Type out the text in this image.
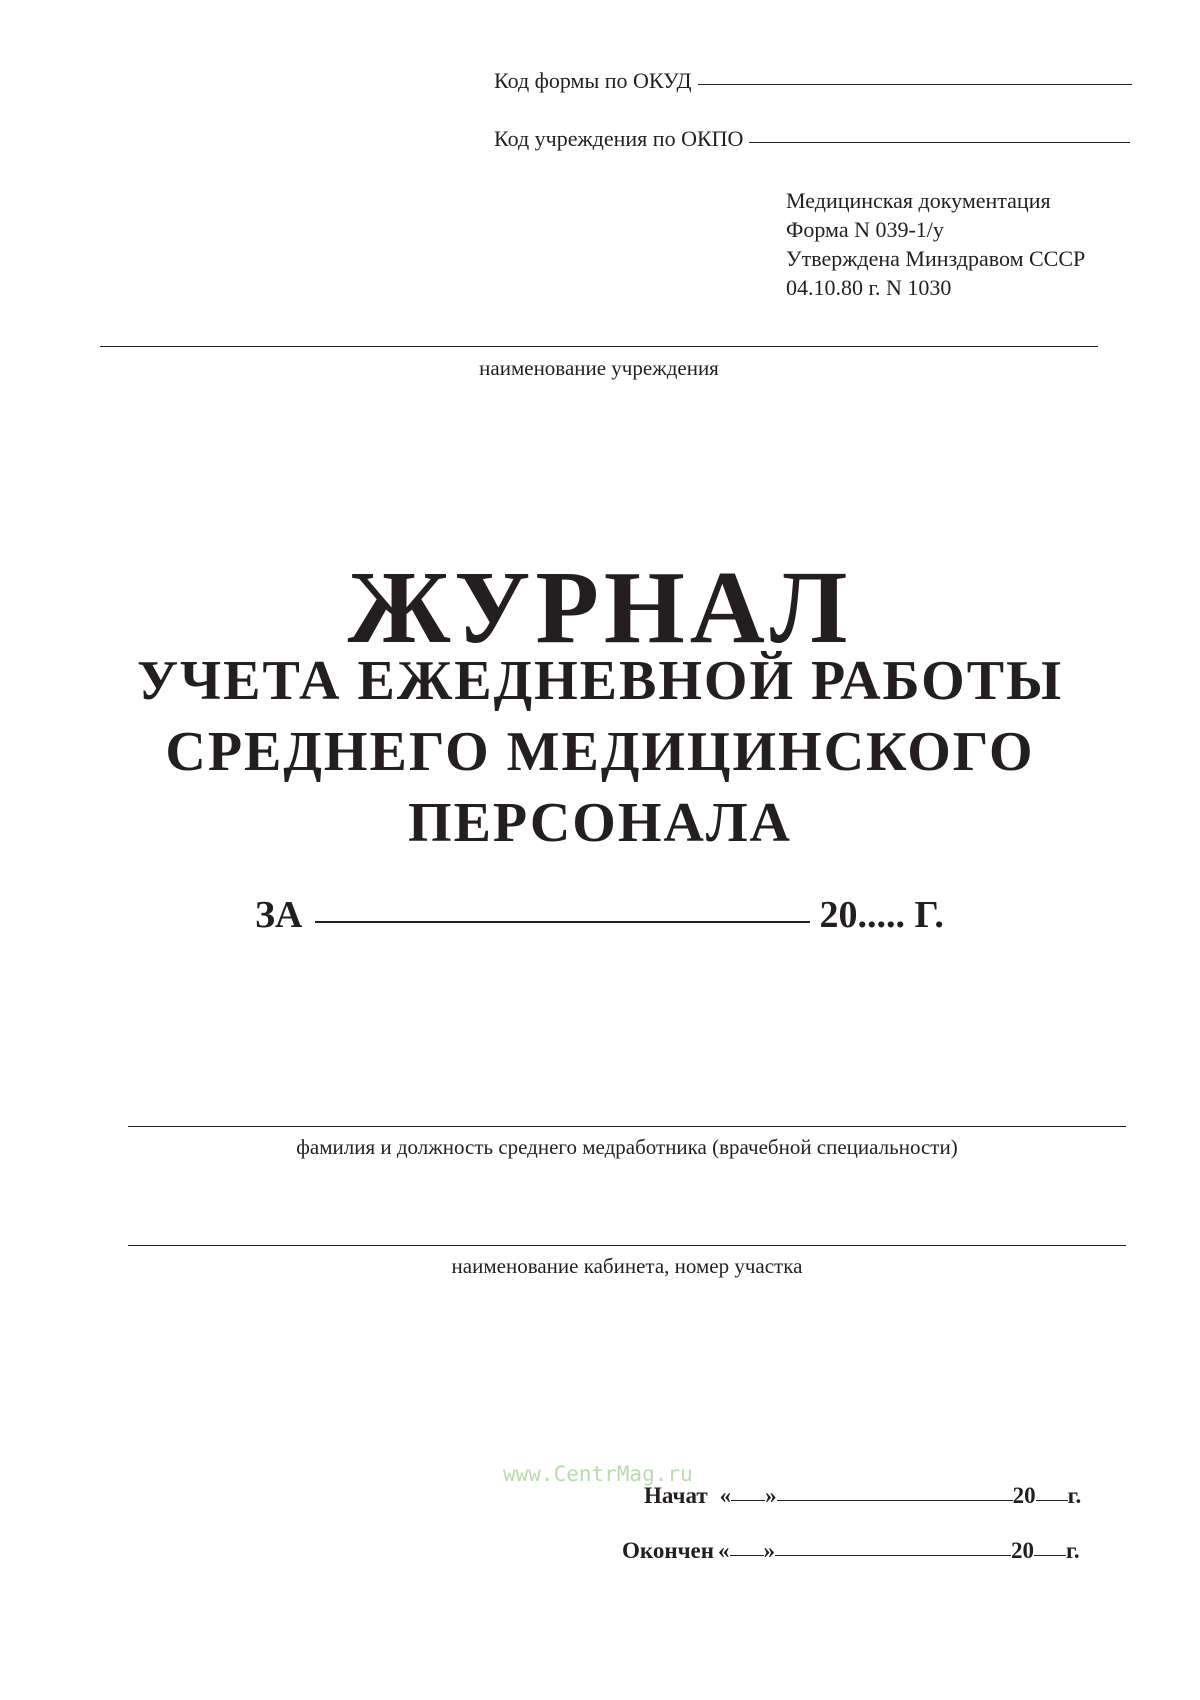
Код формы по ОКУД
Код учреждения по ОКПО
Медицинская документация
Форма N 039-1/у
Утверждена Минздравом СССР
04.10.80 г. N 1030
наименование учреждения
ЖУРНАЛ
УЧЕТА ЕЖЕДНЕВНОЙ РАБОТЫ
СРЕДНЕГО МЕДИЦИНСКОГО
ПЕРСОНАЛА
ЗА	20..... Г.
фамилия и должность среднего медработника (врачебной специальности)
наименование кабинета, номер участка
www.CentrMag.ru
Начат « »	20 г.
Окончен « »	20 г.
